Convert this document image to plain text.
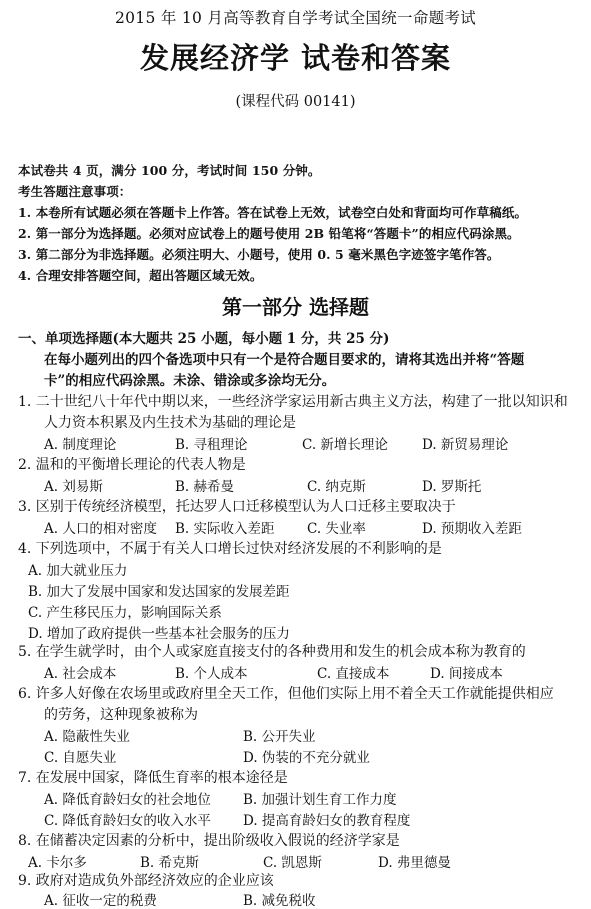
2015 年 10 月高等教育自学考试全国统一命题考试
发展经济学 试卷和答案
(课程代码 00141)
本试卷共 4 页，满分 100 分，考试时间 150 分钟。
考生答题注意事项：
1. 本卷所有试题必须在答题卡上作答。答在试卷上无效，试卷空白处和背面均可作草稿纸。
2. 第一部分为选择题。必须对应试卷上的题号使用 2B 铅笔将“答题卡”的相应代码涂黑。
3. 第二部分为非选择题。必须注明大、小题号，使用 0. 5 毫米黑色字迹签字笔作答。
4. 合理安排答题空间，超出答题区域无效。
第一部分 选择题
一、单项选择题(本大题共 25 小题，每小题 1 分，共 25 分)
在每小题列出的四个备选项中只有一个是符合题目要求的，请将其选出并将“答题
卡”的相应代码涂黑。未涂、错涂或多涂均无分。
1. 二十世纪八十年代中期以来，一些经济学家运用新古典主义方法，构建了一批以知识和
人力资本积累及内生技术为基础的理论是
A. 制度理论	B. 寻租理论	C. 新增长理论	D. 新贸易理论
2. 温和的平衡增长理论的代表人物是
A. 刘易斯	B. 赫希曼	C. 纳克斯	D. 罗斯托
3. 区别于传统经济模型，托达罗人口迁移模型认为人口迁移主要取决于
A. 人口的相对密度 B. 实际收入差距 C. 失业率	D. 预期收入差距
4. 下列选项中，不属于有关人口增长过快对经济发展的不利影响的是
A. 加大就业压力
B. 加大了发展中国家和发达国家的发展差距
C. 产生移民压力，影响国际关系
D. 增加了政府提供一些基本社会服务的压力
5. 在学生就学时，由个人或家庭直接支付的各种费用和发生的机会成本称为教育的
A. 社会成本	B. 个人成本	C. 直接成本	D. 间接成本
6. 许多人好像在农场里或政府里全天工作，但他们实际上用不着全天工作就能提供相应
的劳务，这种现象被称为
A. 隐蔽性失业	B. 公开失业
C. 自愿失业	D. 伪装的不充分就业
7. 在发展中国家，降低生育率的根本途径是
A. 降低育龄妇女的社会地位 B. 加强计划生育工作力度
C. 降低育龄妇女的收入水平 D. 提高育龄妇女的教育程度
8. 在储蓄决定因素的分析中，提出阶级收入假说的经济学家是
A. 卡尔多	B. 希克斯	C. 凯恩斯	D. 弗里德曼
9. 政府对造成负外部经济效应的企业应该
A. 征收一定的税费	B. 减免税收
